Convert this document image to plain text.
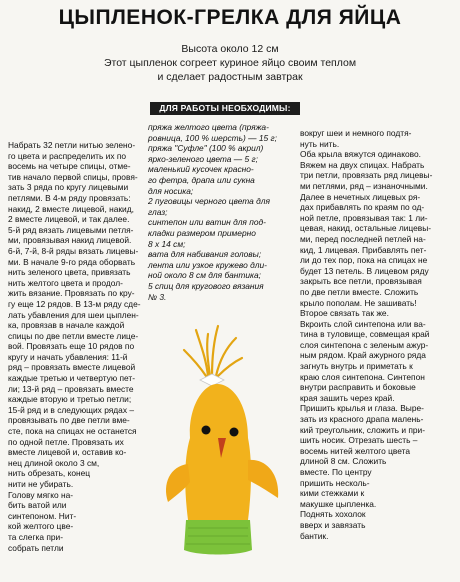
ЦЫПЛЕНОК-ГРЕЛКА ДЛЯ ЯЙЦА
Высота около 12 см
Этот цыпленок согреет куриное яйцо своим теплом
и сделает радостным завтрак
ДЛЯ РАБОТЫ НЕОБХОДИМЫ:

Набрать 32 петли нитью зелено-

го цвета и распределить их по

восемь на четыре спицы, отме-

тив начало первой спицы, провя-

зать 3 ряда по кругу лицевыми

петлями. В 4-м ряду провязать:

накид, 2 вместе лицевой, накид,

2 вместе лицевой, и так далее.

5-й ряд вязать лицевыми петля-

ми, провязывая накид лицевой.

6-й, 7-й, 8-й ряды вязать лицевы-

ми. В начале 9-го ряда оборвать

нить зеленого цвета, привязать

нить желтого цвета и продол-

жить вязание. Провязать по кру-

гу еще 12 рядов. В 13-м ряду сде-

лать убавления для шеи цыплен-

ка, провязав в начале каждой

спицы по две петли вместе лице-

вой. Провязать еще 10 рядов по

кругу и начать убавления: 11-й

ряд – провязать вместе лицевой

каждые третью и четвертую пет-

ли; 13-й ряд – провязать вместе

каждые вторую и третью петли;

15-й ряд и в следующих рядах –

провязывать по две петли вме-

сте, пока на спицах не останется

по одной петле. Провязать их

вместе лицевой и, оставив ко-

нец длиной около 3 см,

нить обрезать, конец

нити не убирать.

Голову мягко на-

бить ватой или

синтепоном. Нит-

кой желтого цве-

та слегка при-

собрать петли

пряжа желтого цвета (пряжа-

ровница, 100 % шерсть) — 15 г;

пряжа "Суфле" (100 % акрил)

ярко-зеленого цвета — 5 г;

маленький кусочек красно-

го фетра, драпа или сукна

для носика;

2 пуговицы черного цвета для

глаз;

синтепон или ватин для под-

кладки размером примерно

8 х 14 см;

вата для набивания головы;

лента или узкое кружево дли-

ной около 8 см для бантика;

5 спиц для кругового вязания

№ 3.

вокруг шеи и немного подтя-

нуть нить.

Оба крыла вяжутся одинаково.

Вяжем на двух спицах. Набрать

три петли, провязать ряд лицевы-

ми петлями, ряд – изнаночными.

Далее в нечетных лицевых ря-

дах прибавлять по краям по од-

ной петле, провязывая так: 1 ли-

цевая, накид, остальные лицевы-

ми, перед последней петлей на-

кид, 1 лицевая. Прибавлять пет-

ли до тех пор, пока на спицах не

будет 13 петель. В лицевом ряду

закрыть все петли, провязывая

по две петли вместе. Сложить

крыло пополам. Не зашивать!

Второе связать так же.

Вкроить слой синтепона или ва-

тина в туловище, совмещая край

слоя синтепона с зеленым ажур-

ным рядом. Край ажурного ряда

загнуть внутрь и приметать к

краю слоя синтепона. Синтепон

внутри расправить и боковые

края зашить через край.

Пришить крылья и глаза. Выре-

зать из красного драпа малень-

кий треугольник, сложить и при-

шить носик. Отрезать шесть –

восемь нитей желтого цвета

длиной 8 см. Сложить

вместе. По центру

пришить несколь-

кими стежками к

макушке цыпленка.

Поднять хохолок

вверх и завязать

бантик.
